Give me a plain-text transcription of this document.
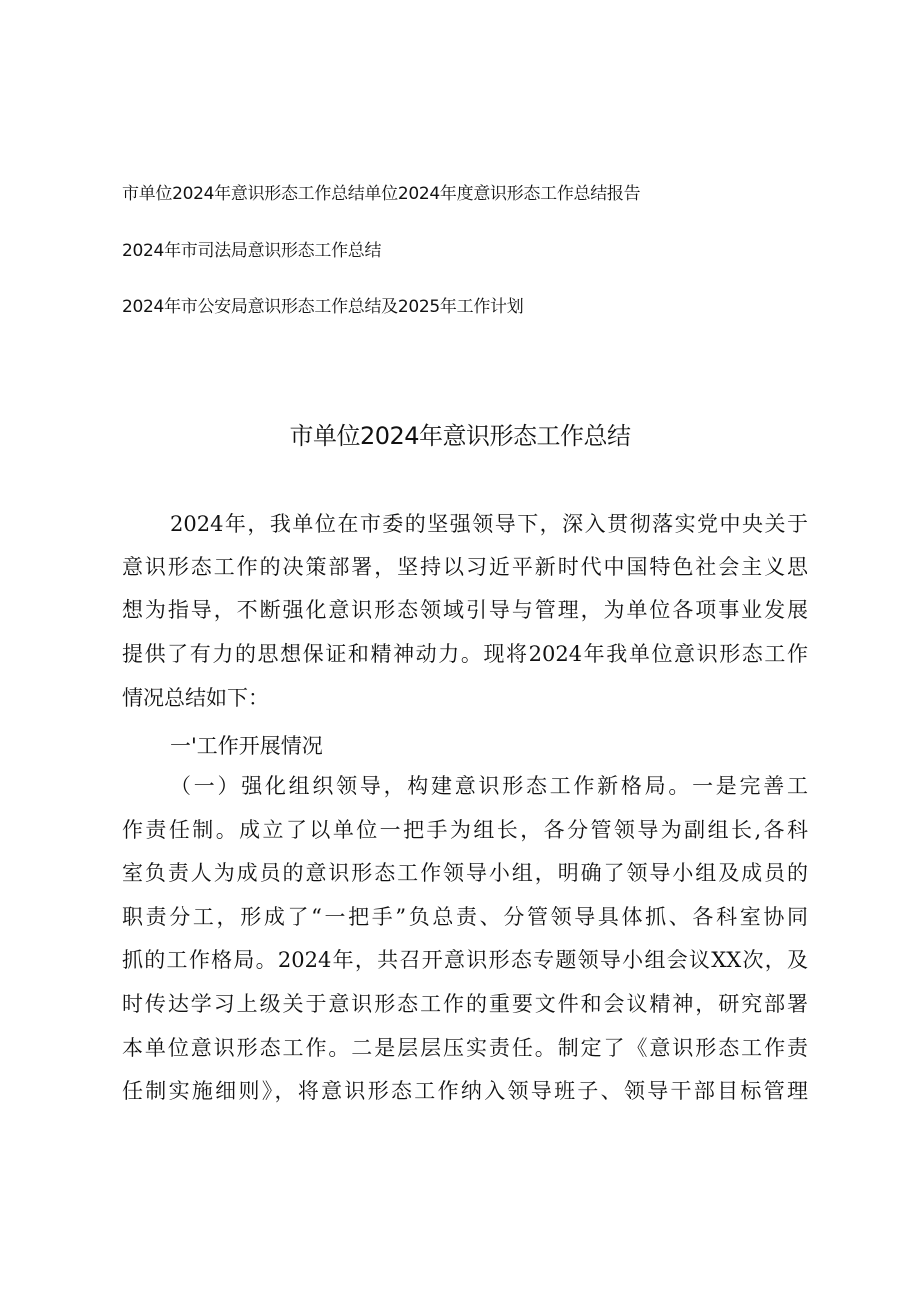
市单位2024年意识形态工作总结单位2024年度意识形态工作总结报告
2024年市司法局意识形态工作总结
2024年市公安局意识形态工作总结及2025年工作计划
市单位2024年意识形态工作总结
2024年，我单位在市委的坚强领导下，深入贯彻落实党中央关于
意识形态工作的决策部署，坚持以习近平新时代中国特色社会主义思
想为指导，不断强化意识形态领域引导与管理，为单位各项事业发展
提供了有力的思想保证和精神动力。现将2024年我单位意识形态工作
情况总结如下：
一'工作开展情况
（一）强化组织领导，构建意识形态工作新格局。一是完善工
作责任制。成立了以单位一把手为组长，各分管领导为副组长,各科
室负责人为成员的意识形态工作领导小组，明确了领导小组及成员的
职责分工，形成了“一把手”负总责、分管领导具体抓、各科室协同
抓的工作格局。2024年，共召开意识形态专题领导小组会议XX次，及
时传达学习上级关于意识形态工作的重要文件和会议精神，研究部署
本单位意识形态工作。二是层层压实责任。制定了《意识形态工作责
任制实施细则》，将意识形态工作纳入领导班子、领导干部目标管理
